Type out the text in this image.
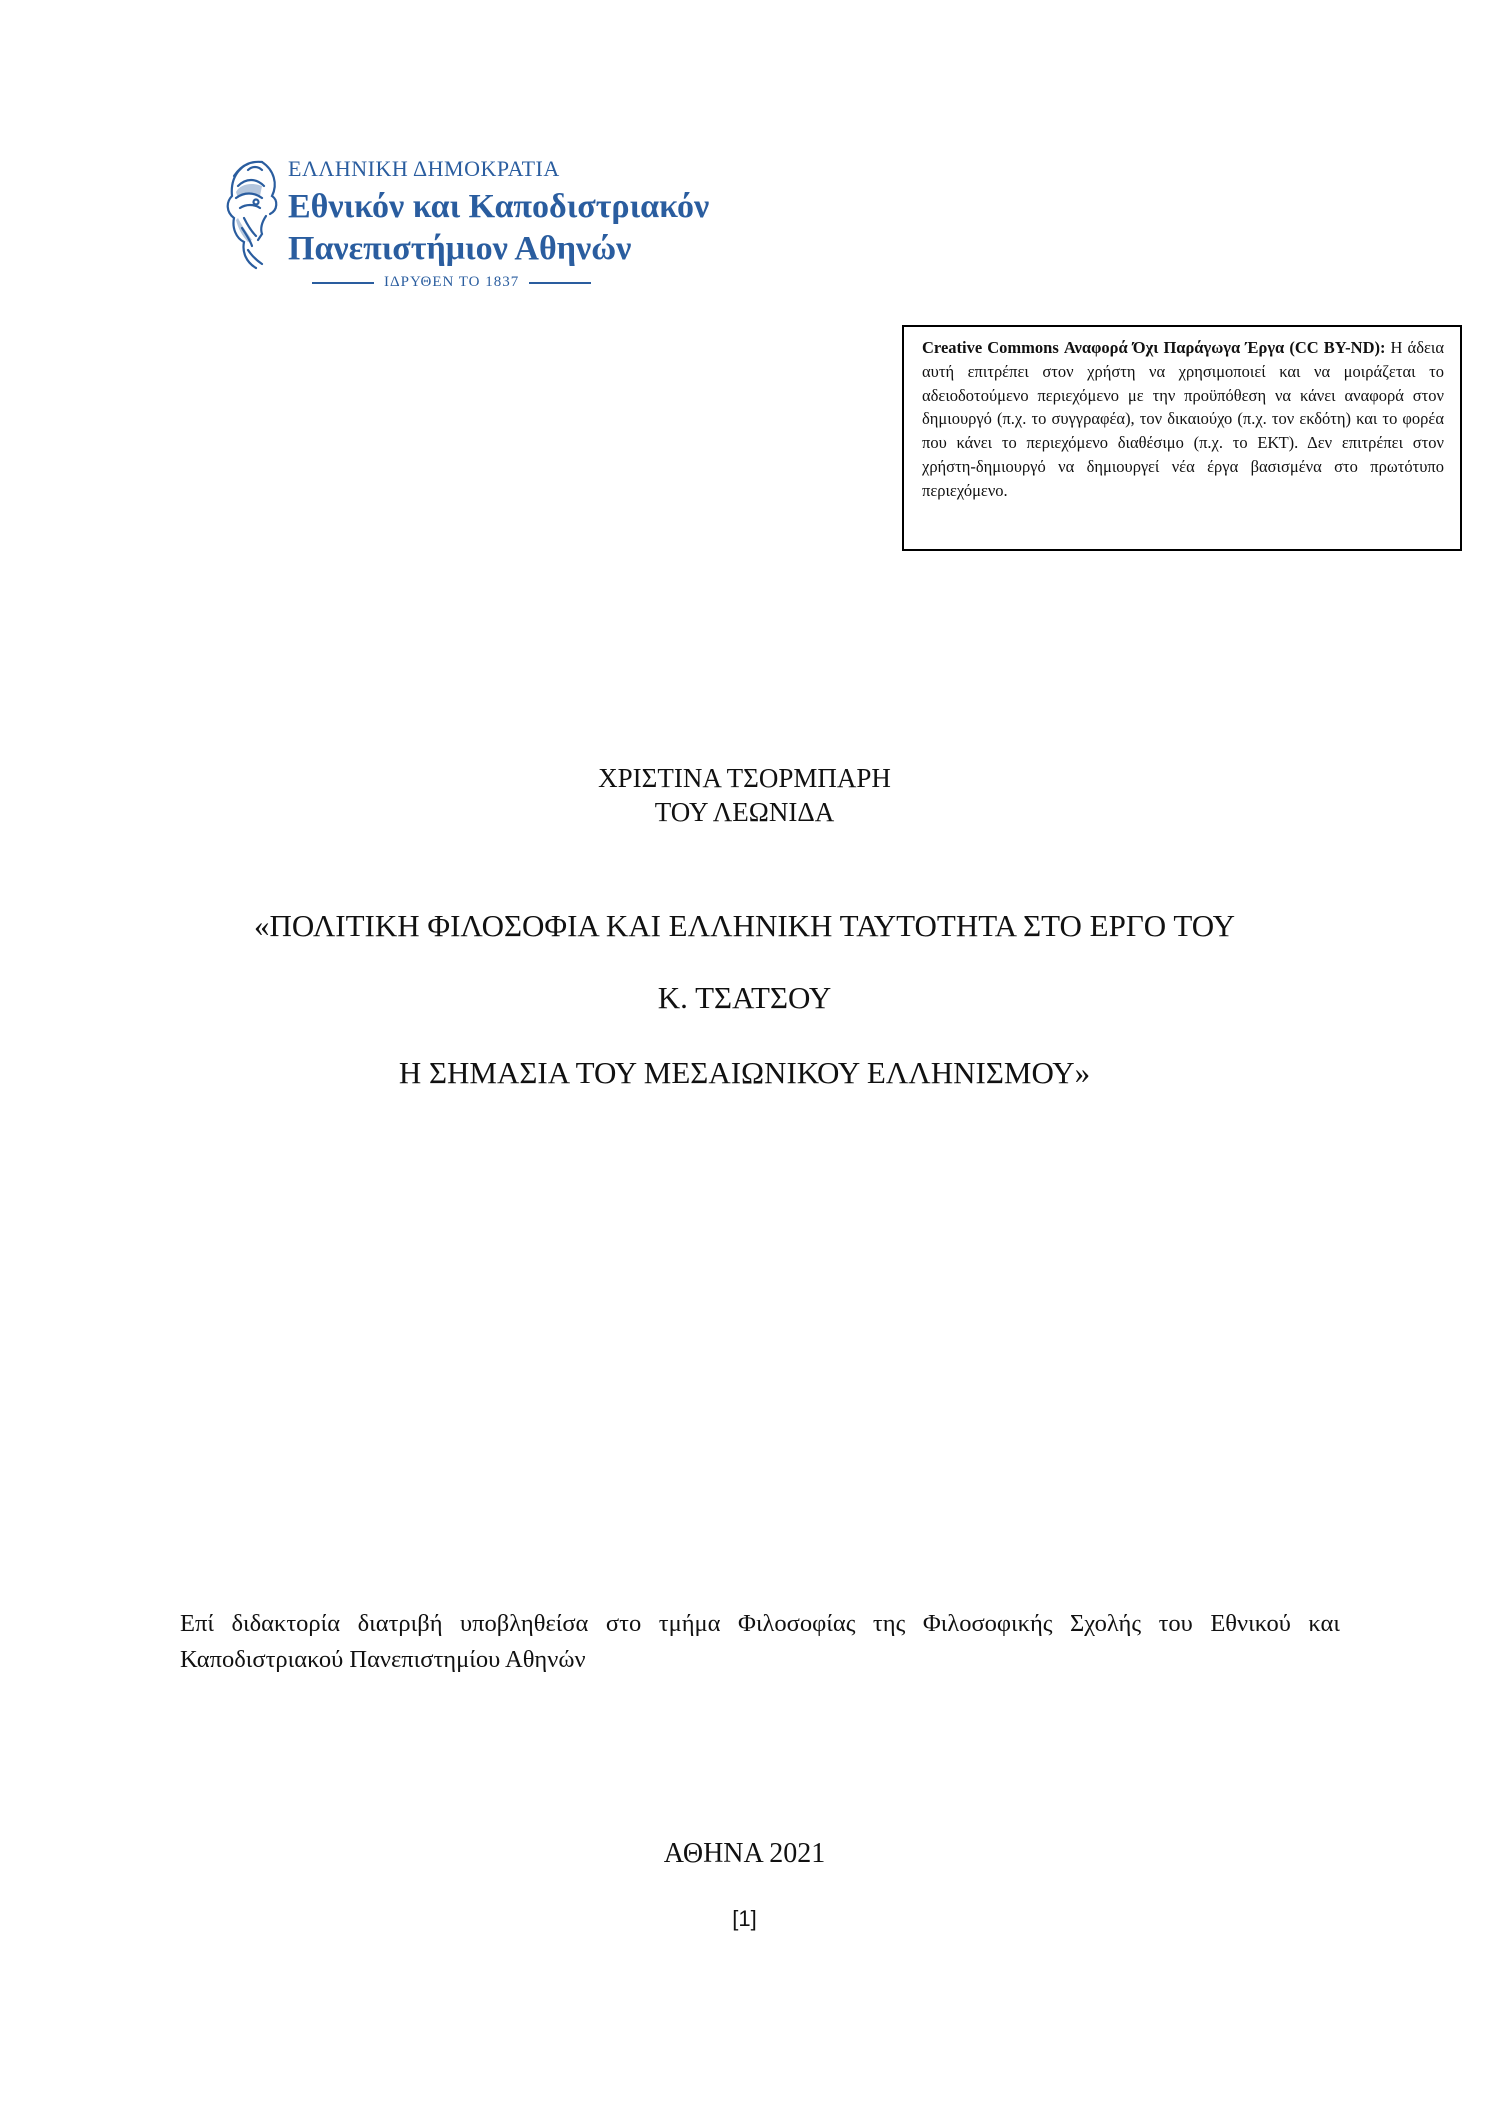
ΕΛΛΗΝΙΚΗ ΔΗΜΟΚΡΑΤΙΑ
Εθνικόν και Καποδιστριακόν
Πανεπιστήμιον Αθηνών
ΙΔΡΥΘΕΝ ΤΟ 1837
Creative Commons Αναφορά Όχι Παράγωγα Έργα (CC BY-ND): Η άδεια αυτή επιτρέπει στον χρήστη να χρησιμοποιεί και να μοιράζεται το αδειοδοτούμενο περιεχόμενο με την προϋπόθεση να κάνει αναφορά στον δημιουργό (π.χ. το συγγραφέα), τον δικαιούχο (π.χ. τον εκδότη) και το φορέα που κάνει το περιεχόμενο διαθέσιμο (π.χ. το ΕΚΤ). Δεν επιτρέπει στον χρήστη-δημιουργό να δημιουργεί νέα έργα βασισμένα στο πρωτότυπο περιεχόμενο.
ΧΡΙΣΤΙΝΑ ΤΣΟΡΜΠΑΡΗ
ΤΟΥ ΛΕΩΝΙΔΑ
«ΠΟΛΙΤΙΚΗ ΦΙΛΟΣΟΦΙΑ ΚΑΙ ΕΛΛΗΝΙΚΗ ΤΑΥΤΟΤΗΤΑ ΣΤΟ ΕΡΓΟ ΤΟΥ
Κ. ΤΣΑΤΣΟΥ
Η ΣΗΜΑΣΙΑ ΤΟΥ ΜΕΣΑΙΩΝΙΚΟΥ ΕΛΛΗΝΙΣΜΟΥ»
Επί διδακτορία διατριβή υποβληθείσα στο τμήμα Φιλοσοφίας της Φιλοσοφικής Σχολής του Εθνικού και Καποδιστριακού Πανεπιστημίου Αθηνών
ΑΘΗΝΑ 2021
[1]
